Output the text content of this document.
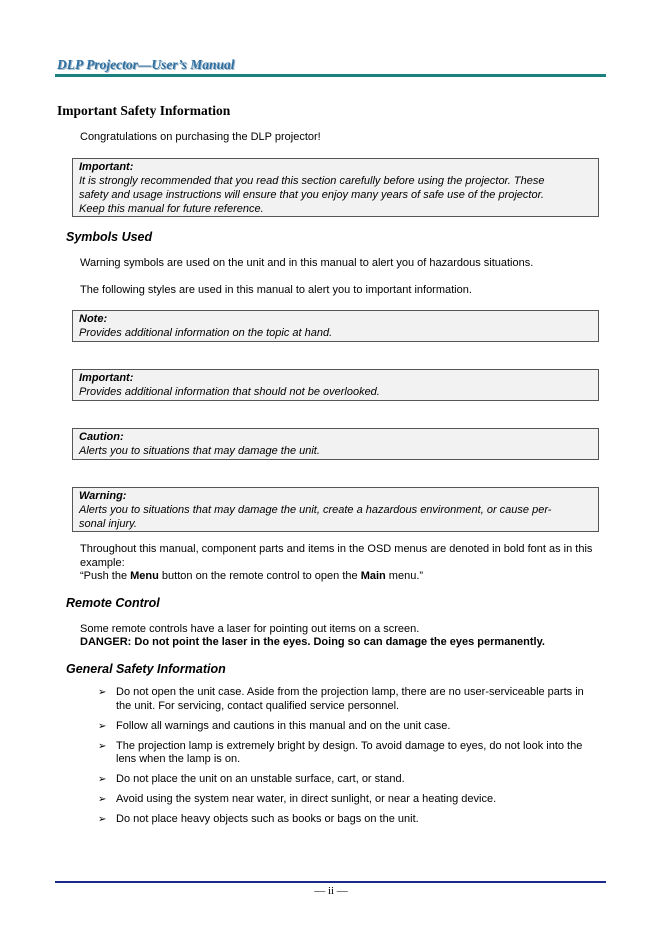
DLP Projector—User’s Manual
Important Safety Information
Congratulations on purchasing the DLP projector!
Important:
It is strongly recommended that you read this section carefully before using the projector. These
safety and usage instructions will ensure that you enjoy many years of safe use of the projector.
Keep this manual for future reference.
Symbols Used
Warning symbols are used on the unit and in this manual to alert you of hazardous situations.
The following styles are used in this manual to alert you to important information.
Note:
Provides additional information on the topic at hand.
Important:
Provides additional information that should not be overlooked.
Caution:
Alerts you to situations that may damage the unit.
Warning:
Alerts you to situations that may damage the unit, create a hazardous environment, or cause per-
sonal injury.
Throughout this manual, component parts and items in the OSD menus are denoted in bold font as in this
example:
“Push the Menu button on the remote control to open the Main menu.”
Remote Control
Some remote controls have a laser for pointing out items on a screen.
DANGER: Do not point the laser in the eyes. Doing so can damage the eyes permanently.
General Safety Information
➢ Do not open the unit case. Aside from the projection lamp, there are no user-serviceable parts in the unit. For servicing, contact qualified service personnel.
➢ Follow all warnings and cautions in this manual and on the unit case.
➢ The projection lamp is extremely bright by design. To avoid damage to eyes, do not look into the lens when the lamp is on.
➢ Do not place the unit on an unstable surface, cart, or stand.
➢ Avoid using the system near water, in direct sunlight, or near a heating device.
➢ Do not place heavy objects such as books or bags on the unit.
— ii —
